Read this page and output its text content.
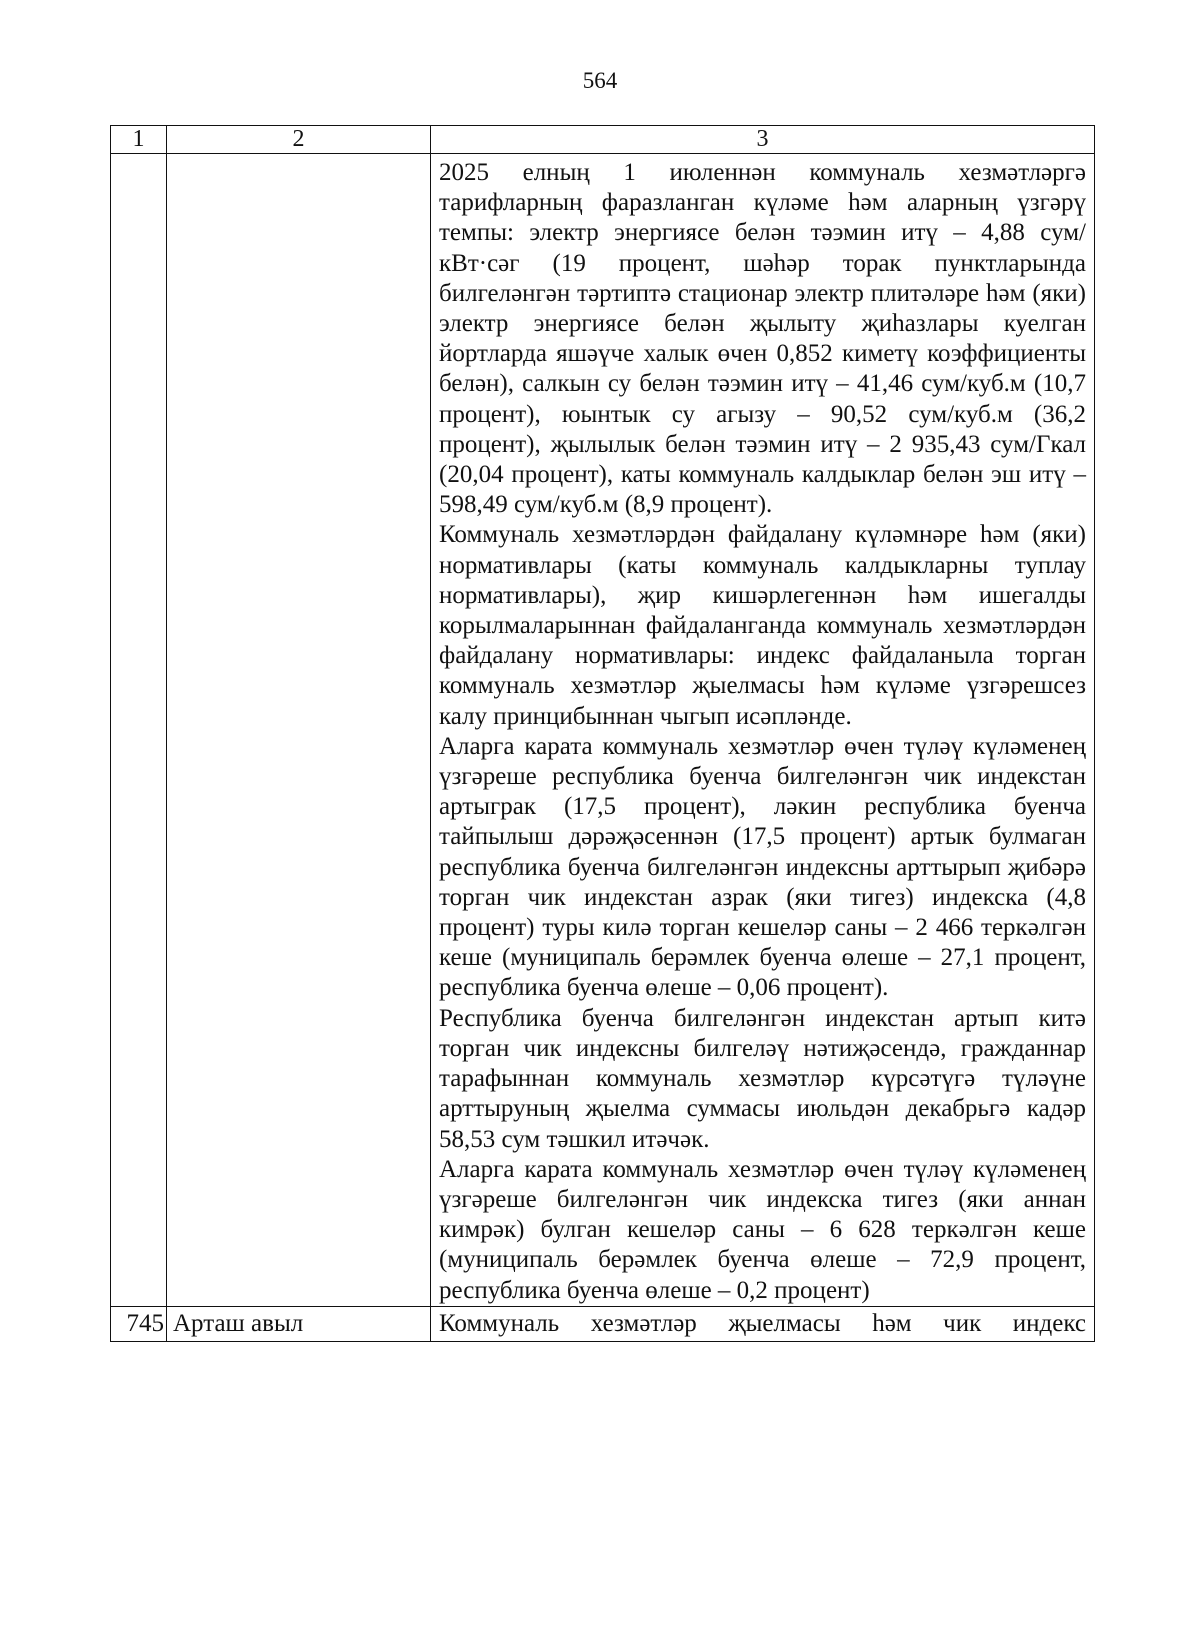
564
1	2	3

		2025 елның 1 июленнән коммуналь хезмәтләргә тарифларның фаразланган күләме һәм аларның үзгәрү темпы: электр энергиясе белән тәэмин итү – 4,88 сум/кВт·сәг (19 процент, шәһәр торак пунктларында билгеләнгән тәртиптә стационар электр плитәләре һәм (яки) электр энергиясе белән җылыту җиһазлары куелган йортларда яшәүче халык өчен 0,852 киметү коэффициенты белән), салкын су белән тәэмин итү – 41,46 сум/куб.м (10,7 процент), юынтык су агызу – 90,52 сум/куб.м (36,2 процент), җылылык белән тәэмин итү – 2 935,43 сум/Гкал (20,04 процент), каты коммуналь калдыклар белән эш итү – 598,49 сум/куб.м (8,9 процент).

Коммуналь хезмәтләрдән файдалану күләмнәре һәм (яки) нормативлары (каты коммуналь калдыкларны туплау нормативлары), җир кишәрлегеннән һәм ишегалды корылмаларыннан файдаланганда коммуналь хезмәтләрдән файдалану нормативлары: индекс файдаланыла торган коммуналь хезмәтләр җыелмасы һәм күләме үзгәрешсез калу принцибыннан чыгып исәпләнде.

Аларга карата коммуналь хезмәтләр өчен түләү күләменең үзгәреше республика буенча билгеләнгән чик индекстан артыграк (17,5 процент), ләкин республика буенча тайпылыш дәрәҗәсеннән (17,5 процент) артык булмаган республика буенча билгеләнгән индексны арттырып җибәрә торган чик индекстан азрак (яки тигез) индекска (4,8 процент) туры килә торган кешеләр саны – 2 466 теркәлгән кеше (муниципаль берәмлек буенча өлеше – 27,1 процент, республика буенча өлеше – 0,06 процент).

Республика буенча билгеләнгән индекстан артып китә торган чик индексны билгеләү нәтиҗәсендә, гражданнар тарафыннан коммуналь хезмәтләр күрсәтүгә түләүне арттыруның җыелма суммасы июльдән декабрьгә кадәр 58,53 сум тәшкил итәчәк.

Аларга карата коммуналь хезмәтләр өчен түләү күләменең үзгәреше билгеләнгән чик индекска тигез (яки аннан кимрәк) булган кешеләр саны – 6 628 теркәлгән кеше (муниципаль берәмлек буенча өлеше – 72,9 процент, республика буенча өлеше – 0,2 процент)

745	Арташ авыл	Коммуналь хезмәтләр җыелмасы һәм чик индекс
